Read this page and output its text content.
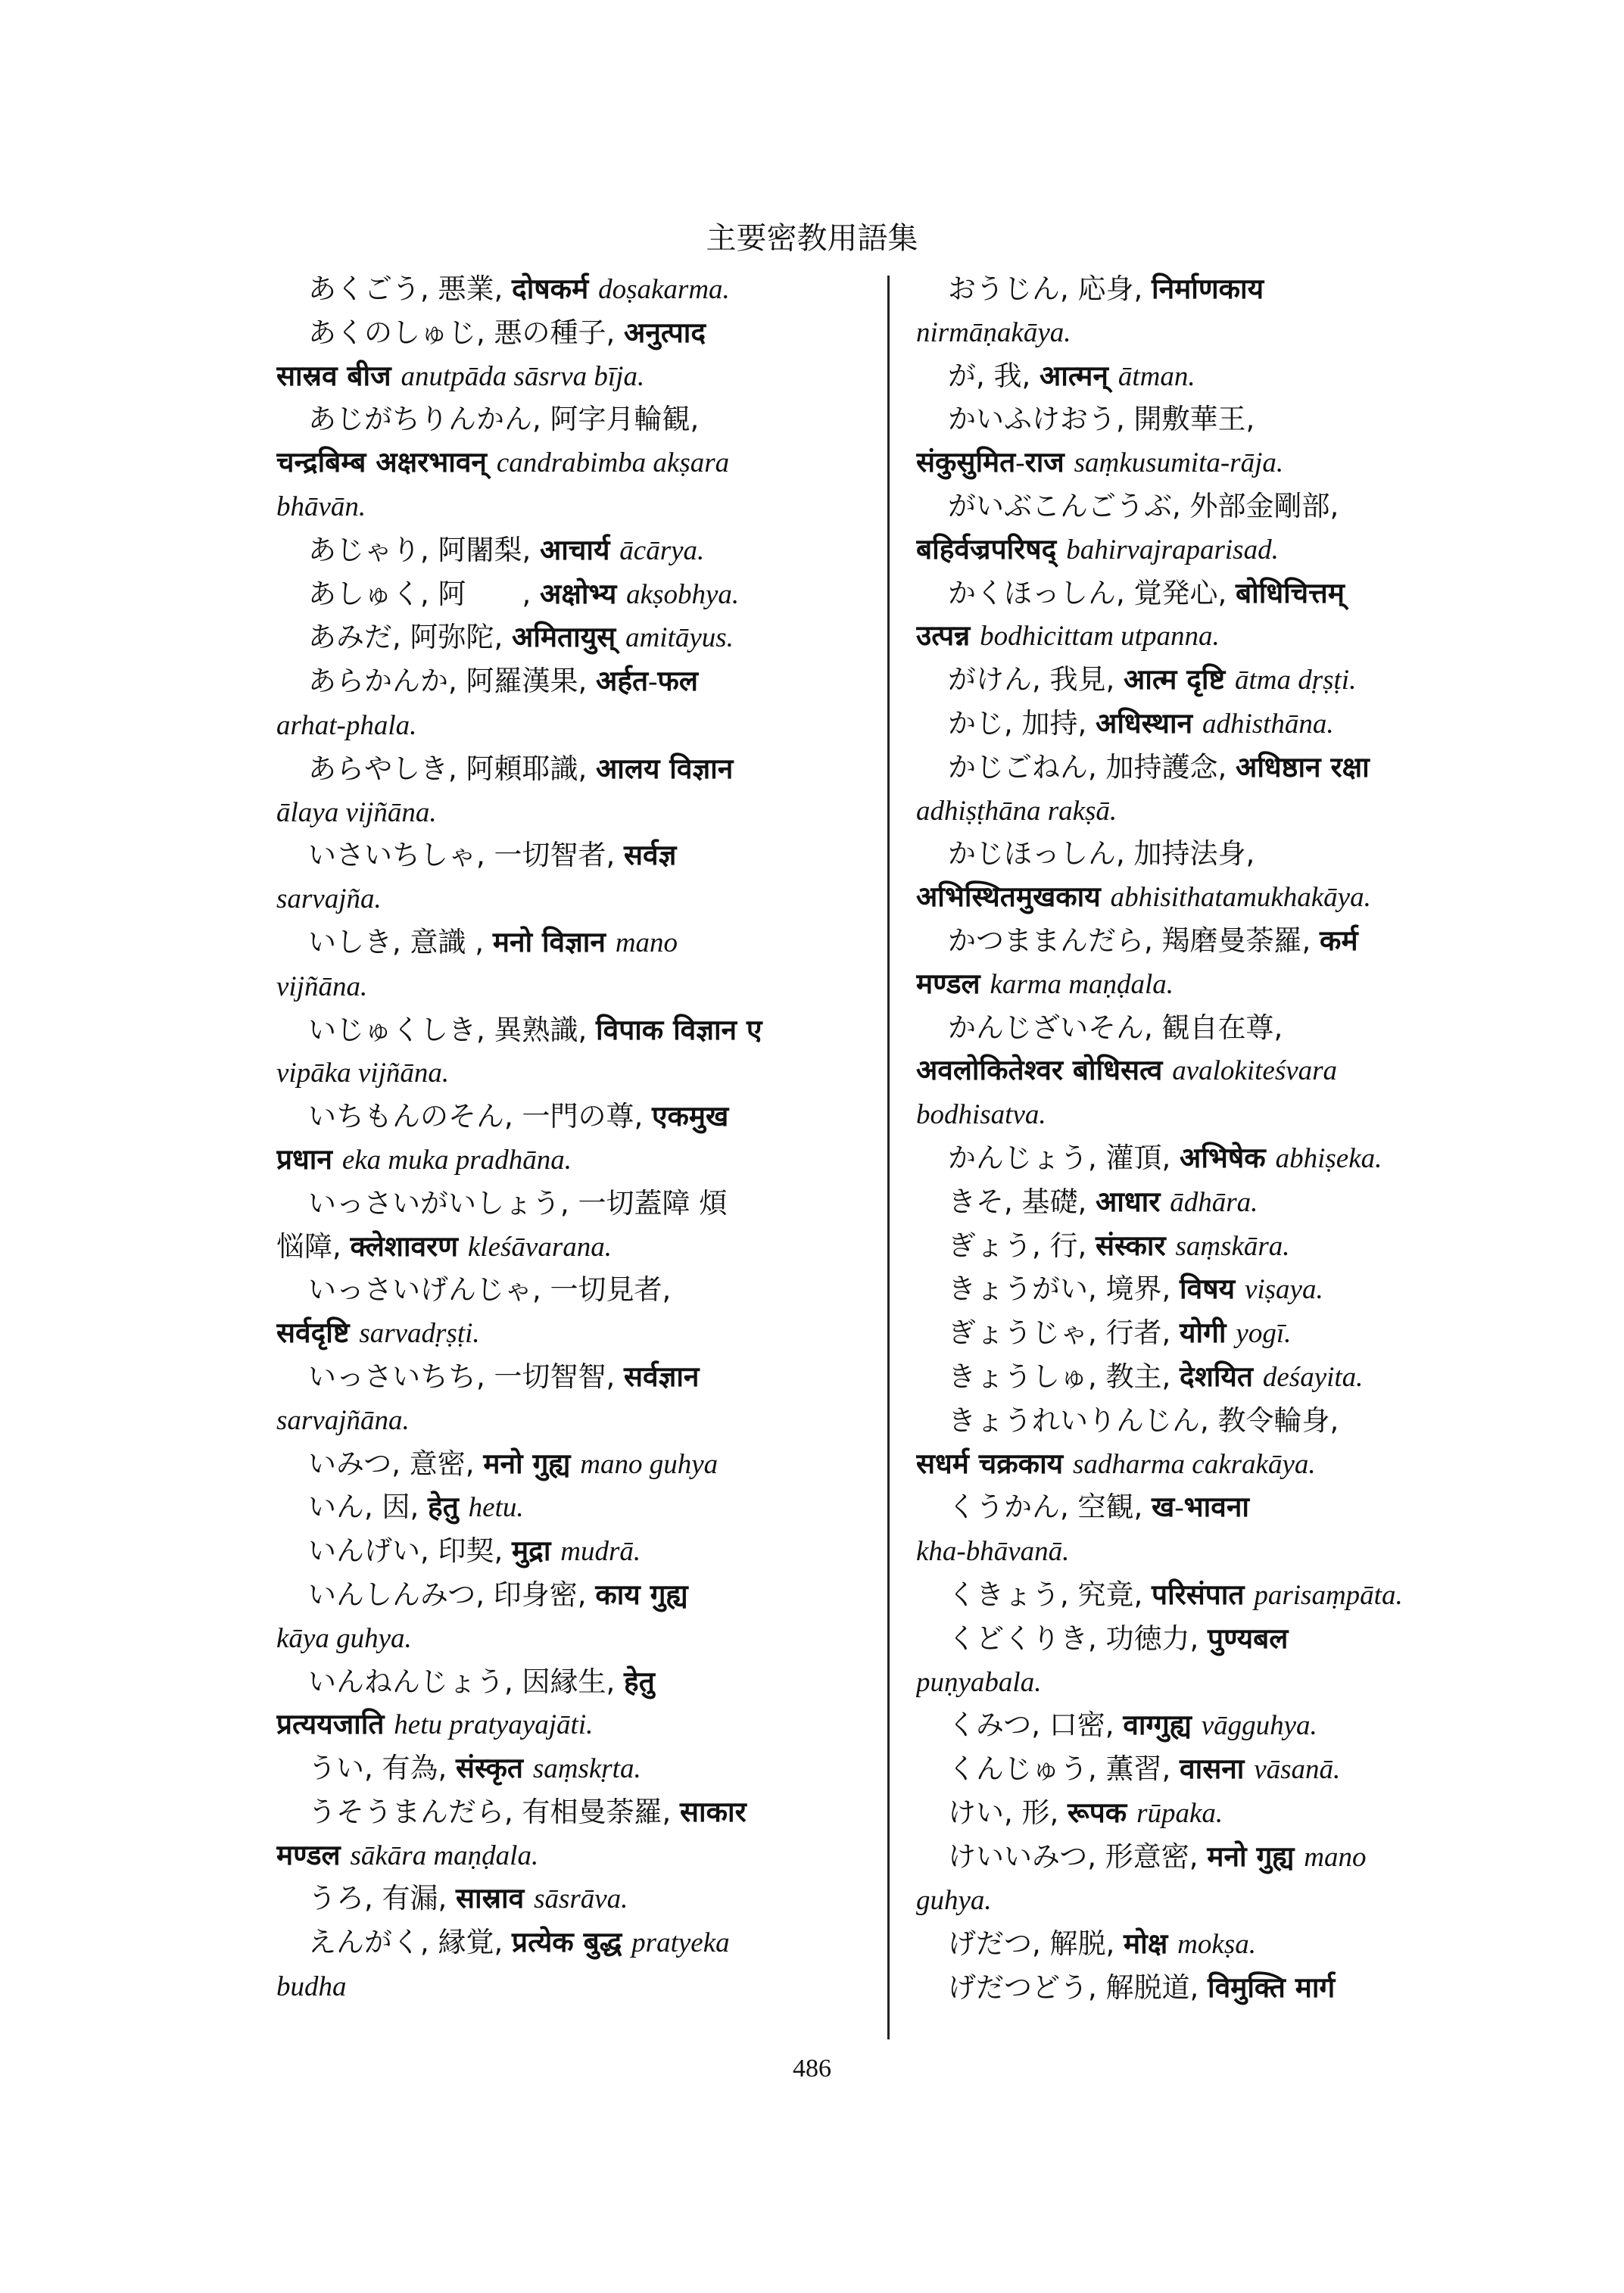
主要密教用語集
あくごう, 悪業, दोषकर्म doṣakarma.
あくのしゅじ, 悪の種子, अनुत्पाद
सास्रव बीज anutpāda sāsrva bīja.
あじがちりんかん, 阿字月輪観,
चन्द्रबिम्ब अक्षरभावन् candrabimba akṣara
bhāvān.
あじゃり, 阿闍梨, आचार्य ācārya.
あしゅく, 阿　　, अक्षोभ्य akṣobhya.
あみだ, 阿弥陀, अमितायुस् amitāyus.
あらかんか, 阿羅漢果, अर्हत-फल
arhat-phala.
あらやしき, 阿頼耶識, आलय विज्ञान
ālaya vijñāna.
いさいちしゃ, 一切智者, सर्वज्ञ
sarvajña.
いしき, 意識 , मनो विज्ञान mano
vijñāna.
いじゅくしき, 異熟識, विपाक विज्ञान ए
vipāka vijñāna.
いちもんのそん, 一門の尊, एकमुख
प्रधान eka muka pradhāna.
いっさいがいしょう, 一切蓋障 煩
悩障, क्लेशावरण kleśāvarana.
いっさいげんじゃ, 一切見者,
सर्वदृष्टि sarvadṛṣṭi.
いっさいちち, 一切智智, सर्वज्ञान
sarvajñāna.
いみつ, 意密, मनो गुह्य mano guhya
いん, 因, हेतु hetu.
いんげい, 印契, मुद्रा mudrā.
いんしんみつ, 印身密, काय गुह्य
kāya guhya.
いんねんじょう, 因縁生, हेतु
प्रत्ययजाति hetu pratyayajāti.
うい, 有為, संस्कृत saṃskṛta.
うそうまんだら, 有相曼荼羅, साकार
मण्डल sākāra maṇḍala.
うろ, 有漏, सास्राव sāsrāva.
えんがく, 縁覚, प्रत्येक बुद्ध pratyeka
budha
おうじん, 応身, निर्माणकाय
nirmāṇakāya.
が, 我, आत्मन् ātman.
かいふけおう, 開敷華王,
संकुसुमित-राज saṃkusumita-rāja.
がいぶこんごうぶ, 外部金剛部,
बहिर्वज्रपरिषद् bahirvajraparisad.
かくほっしん, 覚発心, बोधिचित्तम्
उत्पन्न bodhicittam utpanna.
がけん, 我見, आत्म दृष्टि ātma dṛṣṭi.
かじ, 加持, अधिस्थान adhisthāna.
かじごねん, 加持護念, अधिष्ठान रक्षा
adhiṣṭhāna rakṣā.
かじほっしん, 加持法身,
अभिस्थितमुखकाय abhisithatamukhakāya.
かつままんだら, 羯磨曼荼羅, कर्म
मण्डल karma maṇḍala.
かんじざいそん, 観自在尊,
अवलोकितेश्वर बोधिसत्व avalokiteśvara
bodhisatva.
かんじょう, 灌頂, अभिषेक abhiṣeka.
きそ, 基礎, आधार ādhāra.
ぎょう, 行, संस्कार saṃskāra.
きょうがい, 境界, विषय viṣaya.
ぎょうじゃ, 行者, योगी yogī.
きょうしゅ, 教主, देशयित deśayita.
きょうれいりんじん, 教令輪身,
सधर्म चक्रकाय sadharma cakrakāya.
くうかん, 空観, ख-भावना
kha-bhāvanā.
くきょう, 究竟, परिसंपात parisaṃpāta.
くどくりき, 功徳力, पुण्यबल
puṇyabala.
くみつ, 口密, वाग्गुह्य vāgguhya.
くんじゅう, 薫習, वासना vāsanā.
けい, 形, रूपक rūpaka.
けいいみつ, 形意密, मनो गुह्य mano
guhya.
げだつ, 解脱, मोक्ष mokṣa.
げだつどう, 解脱道, विमुक्ति मार्ग
486
